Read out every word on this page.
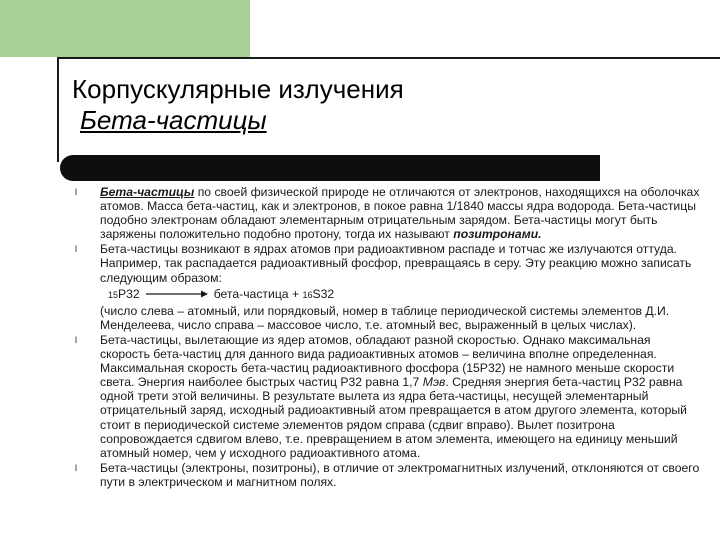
Корпускулярные излучения
Бета-частицы

l Бета-частицы по своей физической природе не отличаются от электронов, находящихся на оболочках атомов. Масса бета-частиц, как и электронов, в покое равна 1/1840 массы ядра водорода. Бета-частицы подобно электронам обладают элементарным отрицательным зарядом. Бета-частицы могут быть заряжены положительно подобно протону, тогда их называют позитронами.

l Бета-частицы возникают в ядрах атомов при радиоактивном распаде и тотчас же излучаются оттуда. Например, так распадается радиоактивный фосфор, превращаясь в серу. Эту реакцию можно записать следующим образом:
15Р32	бета-частица + 16S32
(число слева – атомный, или порядковый, номер в таблице периодической системы элементов Д.И. Менделеева, число справа – массовое число, т.е. атомный вес, выраженный в целых числах).

l Бета-частицы, вылетающие из ядер атомов, обладают разной скоростью. Однако максимальная скорость бета-частиц для данного вида радиоактивных атомов – величина вполне определенная. Максимальная скорость бета-частиц радиоактивного фосфора (15Р32) не намного меньше скорости света. Энергия наиболее быстрых частиц Р32 равна 1,7 Мэв. Средняя энергия бета-частиц Р32 равна одной трети этой величины. В результате вылета из ядра бета-частицы, несущей элементарный отрицательный заряд, исходный радиоактивный атом превращается в атом другого элемента, который стоит в периодической системе элементов рядом справа (сдвиг вправо). Вылет позитрона сопровождается сдвигом влево, т.е. превращением в атом элемента, имеющего на единицу меньший атомный номер, чем у исходного радиоактивного атома.

l Бета-частицы (электроны, позитроны), в отличие от электромагнитных излучений, отклоняются от своего пути в электрическом и магнитном полях.
